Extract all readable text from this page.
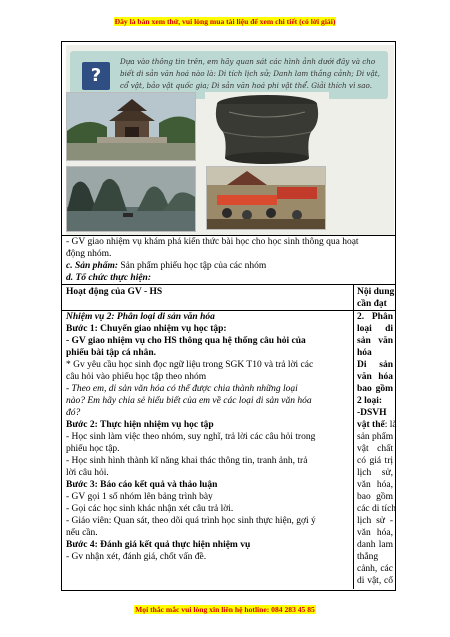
Đây là bản xem thử, vui lòng mua tài liệu để xem chi tiết (có lời giải)
Mọi thắc mắc vui lòng xin liên hệ hotline: 084 283 45 85
?
Dựa vào thông tin trên, em hãy quan sát các hình ảnh dưới đây và cho
biết di sản văn hoá nào là: Di tích lịch sử; Danh lam thắng cảnh; Di vật,
cổ vật, bảo vật quốc gia; Di sản văn hoá phi vật thể. Giải thích vì sao.
- GV giao nhiệm vụ khám phá kiến thức bài học cho học sinh thông qua hoạt
động nhóm.
c. Sản phẩm: Sản phẩm phiếu học tập của các nhóm
d. Tổ chức thực hiện:
Hoạt động của GV - HS	Nội dung
cần đạt
Nhiệm vụ 2: Phân loại di sản văn hóa
Bước 1: Chuyển giao nhiệm vụ học tập:
- GV giao nhiệm vụ cho HS thông qua hệ thống câu hỏi của
phiếu bài tập cá nhân.
* Gv yêu cầu học sinh đọc ngữ liệu trong SGK T10 và trả lời các
câu hỏi vào phiếu học tập theo nhóm
- Theo em, di sản văn hóa có thể được chia thành những loại
nào? Em hãy chia sẻ hiểu biết của em về các loại di sản văn hóa
đó?
Bước 2: Thực hiện nhiệm vụ học tập
- Học sinh làm việc theo nhóm, suy nghĩ, trả lời các câu hỏi trong
phiếu học tập.
- Học sinh hình thành kĩ năng khai thác thông tin, tranh ảnh, trả
lời câu hỏi.
Bước 3: Báo cáo kết quả và thảo luận
- GV gọi 1 số nhóm lên bảng trình bày
- Gọi các học sinh khác nhận xét câu trả lời.
- Giáo viên: Quan sát, theo dõi quá trình học sinh thực hiện, gợi ý
nếu cần.
Bước 4: Đánh giá kết quả thực hiện nhiệm vụ
- Gv nhận xét, đánh giá, chốt vấn đề.
2. Phân
loại di
sản văn
hóa
Di sản
văn hóa
bao gồm
2 loại:
-DSVH
vật thể: là
sản phẩm
vật chất
có giá trị
lịch sử,
văn hóa,
bao gồm
các di tích
lịch sử -
văn hóa,
danh lam
thắng
cảnh, các
di vật, cổ
